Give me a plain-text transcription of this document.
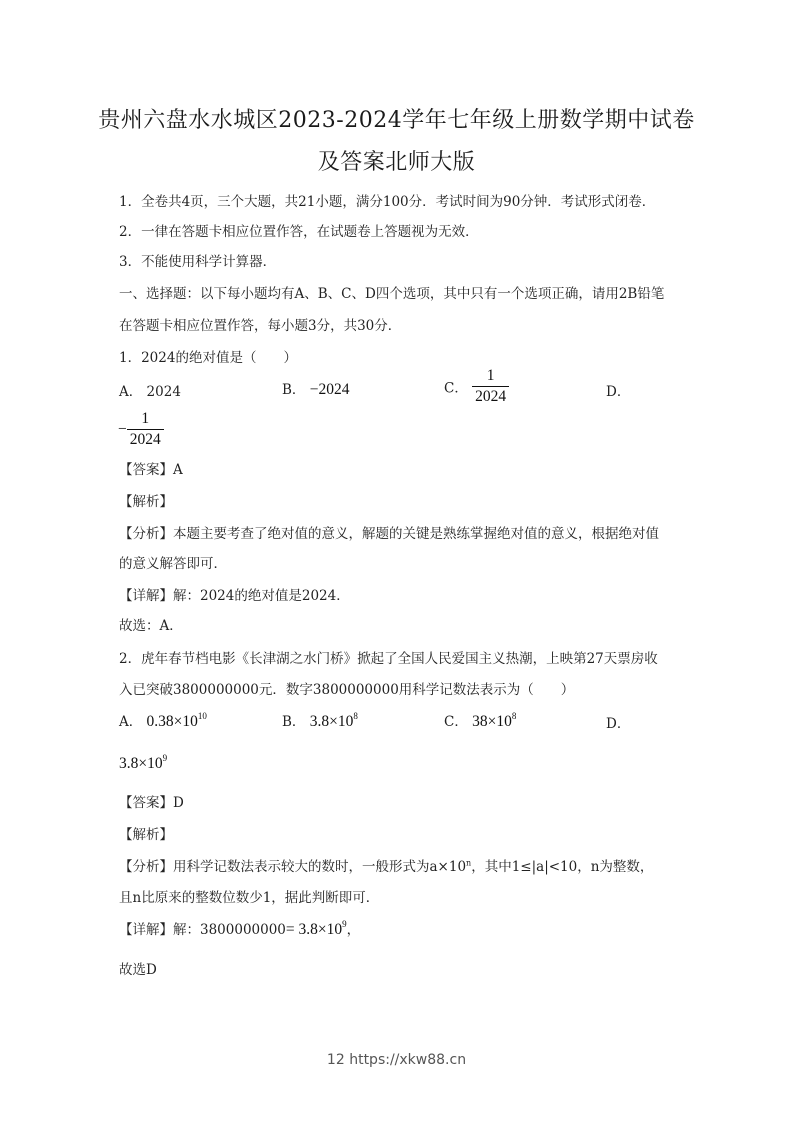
贵州六盘水水城区2023-2024学年七年级上册数学期中试卷
及答案北师大版
1．全卷共4页，三个大题，共21小题，满分100分．考试时间为90分钟．考试形式闭卷．
2．一律在答题卡相应位置作答，在试题卷上答题视为无效．
3．不能使用科学计算器．
一、选择题：以下每小题均有A、B、C、D四个选项，其中只有一个选项正确，请用2B铅笔
在答题卡相应位置作答，每小题3分，共30分．
1．2024的绝对值是（　　）
A． 2024	B． −2024	C． $\frac{1}{2024}$	D．
− $\frac{1}{2024}$
【答案】A
【解析】
【分析】本题主要考查了绝对值的意义，解题的关键是熟练掌握绝对值的意义，根据绝对值
的意义解答即可．
【详解】解：2024的绝对值是2024．
故选：A．
2．虎年春节档电影《长津湖之水门桥》掀起了全国人民爱国主义热潮，上映第27天票房收
入已突破3800000000元．数字3800000000用科学记数法表示为（　　）
A． $0.38\times 10^{10}$	B． $3.8\times 10^8$	C． $38\times 10^8$	D．
$3.8\times 10^9$
【答案】D
【解析】
【分析】用科学记数法表示较大的数时，一般形式为$a\times 10^n$，其中1≤|a|<10，n为整数，
且n比原来的整数位数少1，据此判断即可．
【详解】解：$3800000000= 3.8\times 10^9$，
故选D
12 https://xkw88.cn
